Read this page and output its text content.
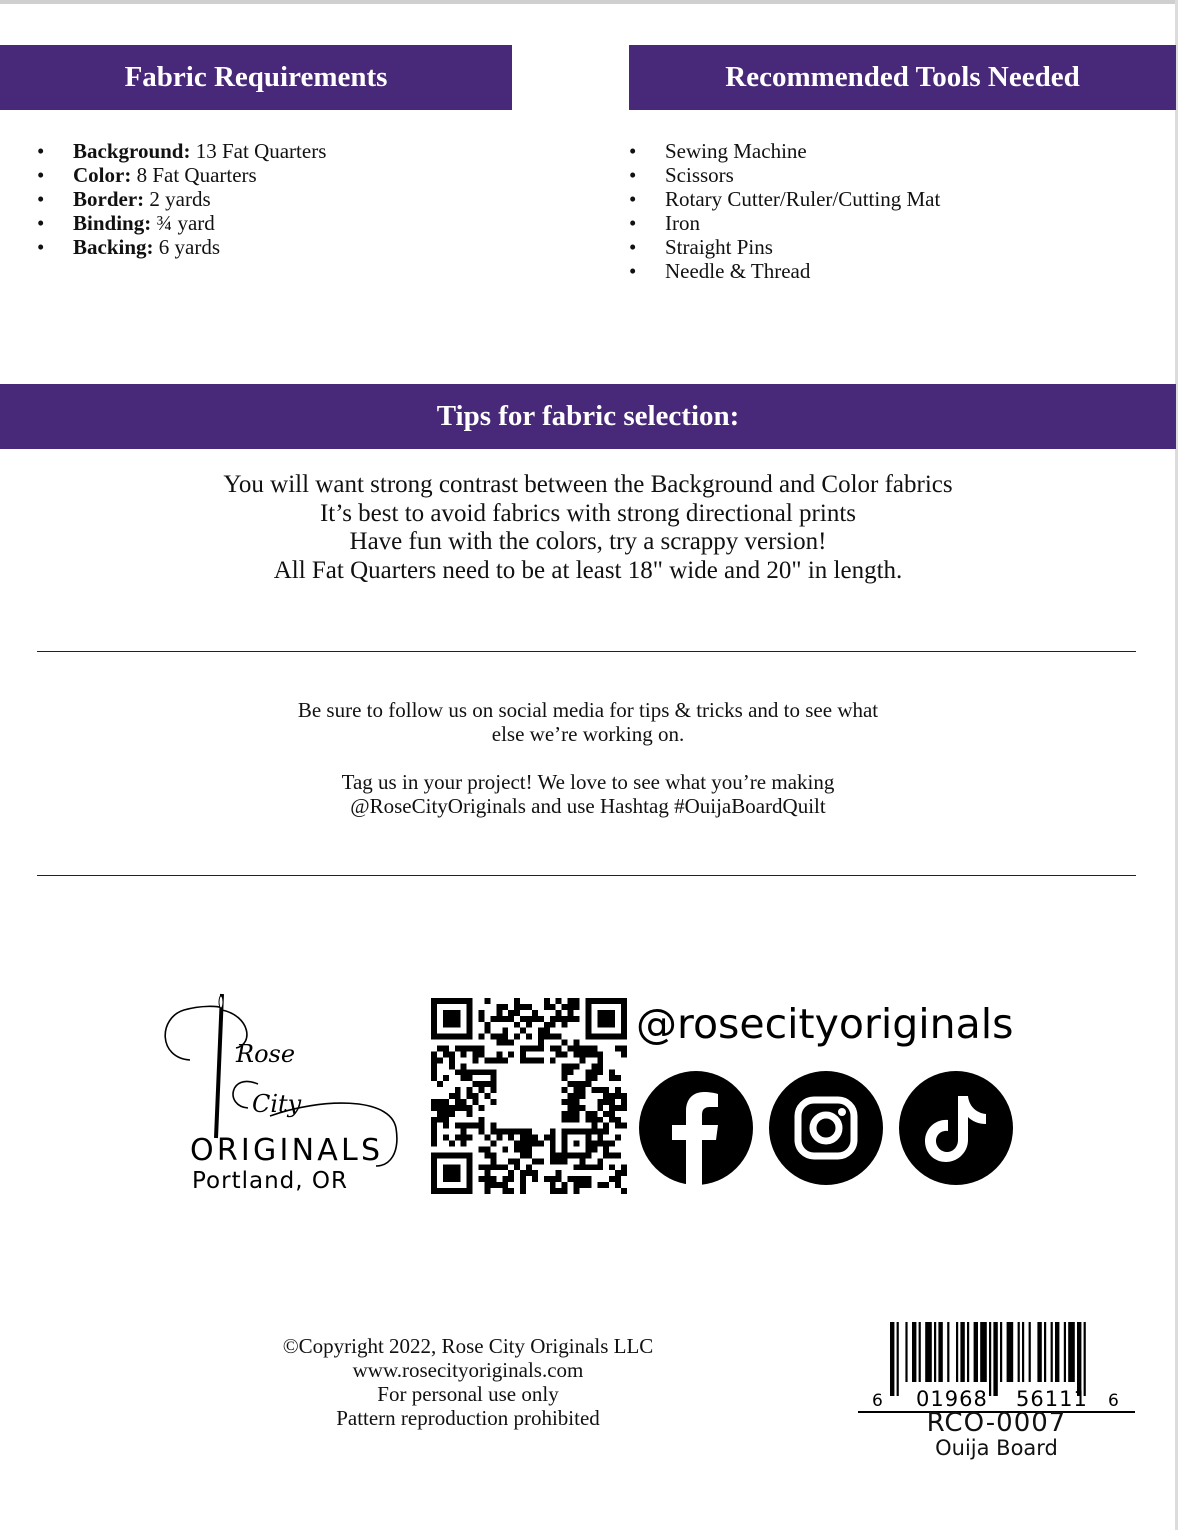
Fabric Requirements	Recommended Tools Needed
• Background: 13 Fat Quarters
• Color: 8 Fat Quarters
• Border: 2 yards
• Binding: ¾ yard
• Backing: 6 yards
• Sewing Machine
• Scissors
• Rotary Cutter/Ruler/Cutting Mat
• Iron
• Straight Pins
• Needle & Thread
Tips for fabric selection:
You will want strong contrast between the Background and Color fabrics
It’s best to avoid fabrics with strong directional prints
Have fun with the colors, try a scrappy version!
All Fat Quarters need to be at least 18" wide and 20" in length.
Be sure to follow us on social media for tips & tricks and to see what
else we’re working on.
Tag us in your project! We love to see what you’re making
@RoseCityOriginals and use Hashtag #OuijaBoardQuilt
Rose
City
ORIGINALS
Portland, OR
@rosecityoriginals
©Copyright 2022, Rose City Originals LLC
www.rosecityoriginals.com
For personal use only
Pattern reproduction prohibited
6 01968 56111 6
RCO-0007
Ouija Board
